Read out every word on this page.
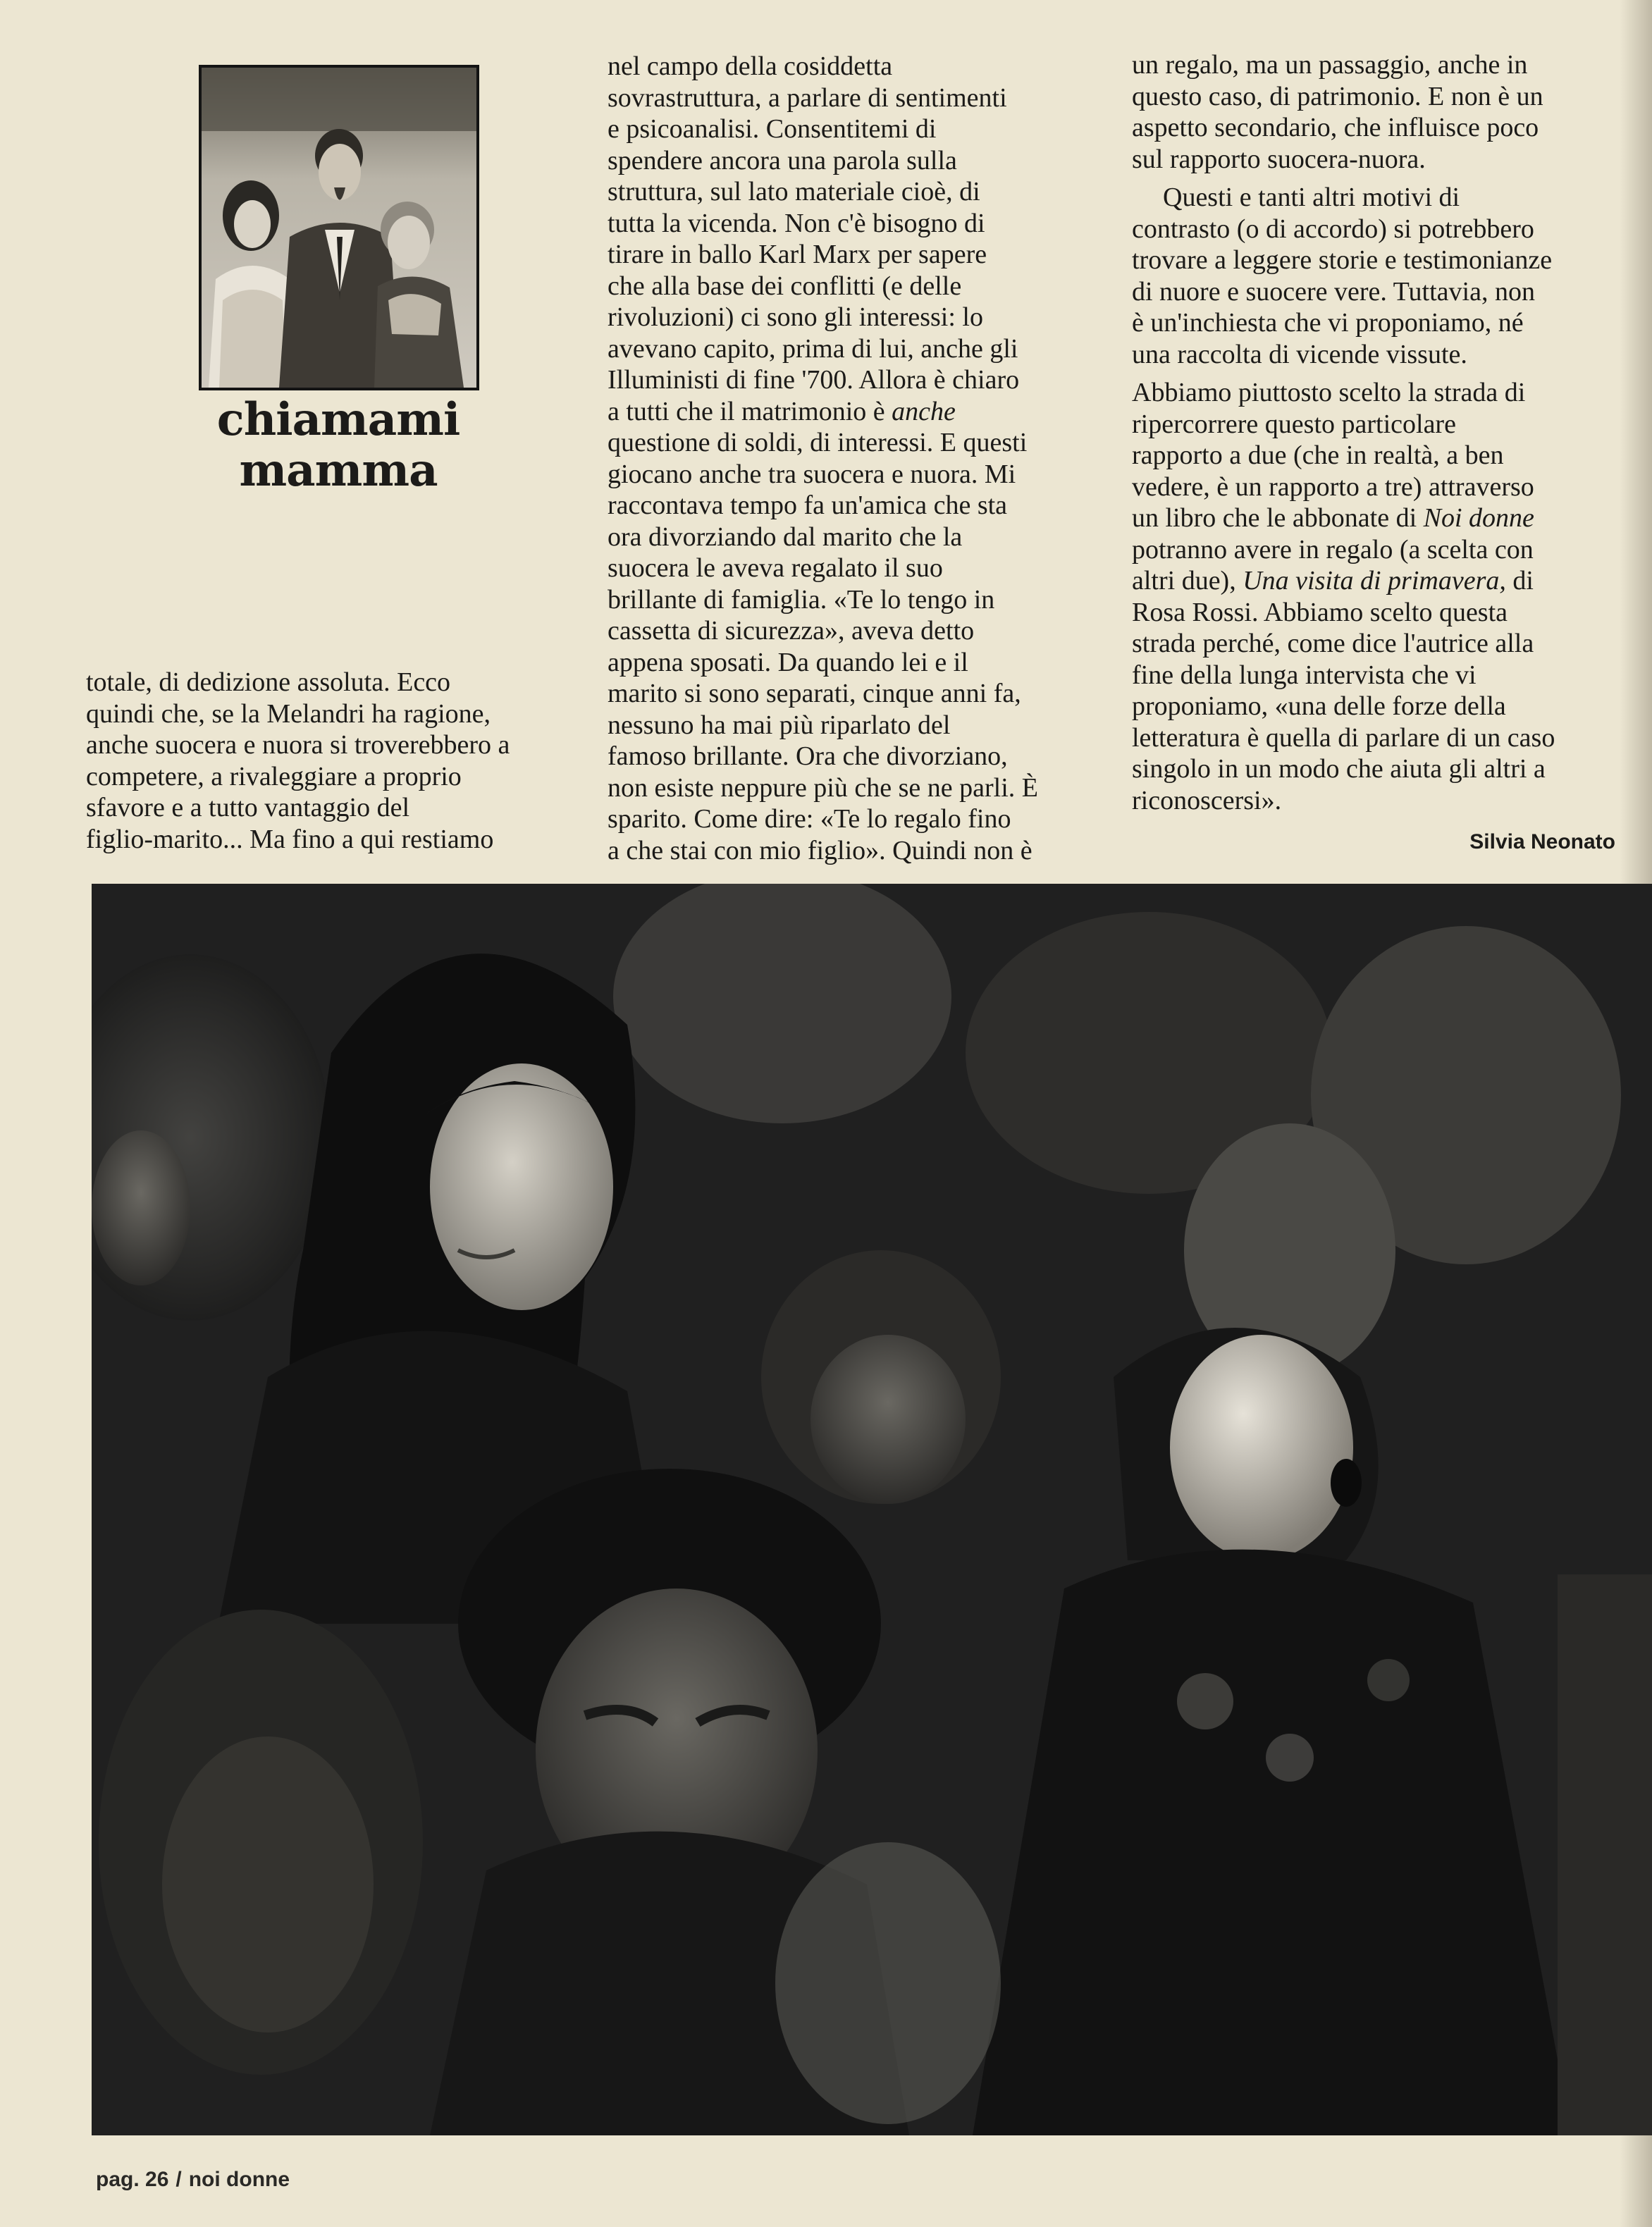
chiamami
mamma

totale, di dedizione assoluta. Ecco

quindi che, se la Melandri ha ragione,

anche suocera e nuora si troverebbero a

competere, a rivaleggiare a proprio

sfavore e a tutto vantaggio del

figlio-marito... Ma fino a qui restiamo

nel campo della cosiddetta

sovrastruttura, a parlare di sentimenti

e psicoanalisi. Consentitemi di

spendere ancora una parola sulla

struttura, sul lato materiale cioè, di

tutta la vicenda. Non c'è bisogno di

tirare in ballo Karl Marx per sapere

che alla base dei conflitti (e delle

rivoluzioni) ci sono gli interessi: lo

avevano capito, prima di lui, anche gli

Illuministi di fine '700. Allora è chiaro

a tutti che il matrimonio è anche

questione di soldi, di interessi. E questi

giocano anche tra suocera e nuora. Mi

raccontava tempo fa un'amica che sta

ora divorziando dal marito che la

suocera le aveva regalato il suo

brillante di famiglia. «Te lo tengo in

cassetta di sicurezza», aveva detto

appena sposati. Da quando lei e il

marito si sono separati, cinque anni fa,

nessuno ha mai più riparlato del

famoso brillante. Ora che divorziano,

non esiste neppure più che se ne parli. È

sparito. Come dire: «Te lo regalo fino

a che stai con mio figlio». Quindi non è

un regalo, ma un passaggio, anche in

questo caso, di patrimonio. E non è un

aspetto secondario, che influisce poco

sul rapporto suocera-nuora.

Questi e tanti altri motivi di

contrasto (o di accordo) si potrebbero

trovare a leggere storie e testimonianze

di nuore e suocere vere. Tuttavia, non

è un'inchiesta che vi proponiamo, né

una raccolta di vicende vissute.

Abbiamo piuttosto scelto la strada di

ripercorrere questo particolare

rapporto a due (che in realtà, a ben

vedere, è un rapporto a tre) attraverso

un libro che le abbonate di Noi donne

potranno avere in regalo (a scelta con

altri due), Una visita di primavera, di

Rosa Rossi. Abbiamo scelto questa

strada perché, come dice l'autrice alla

fine della lunga intervista che vi

proponiamo, «una delle forze della

letteratura è quella di parlare di un caso

singolo in un modo che aiuta gli altri a

riconoscersi».

Silvia Neonato
pag. 26 / noi donne
